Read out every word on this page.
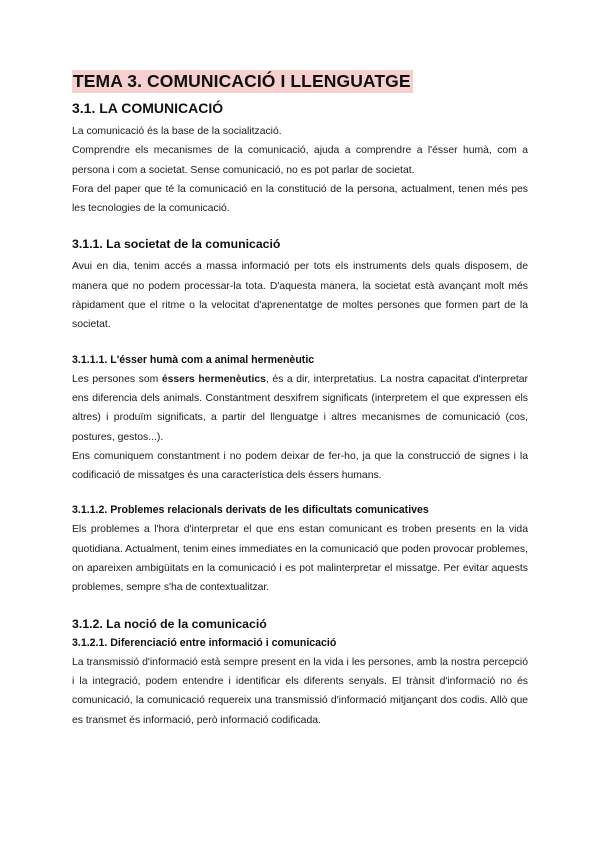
TEMA 3. COMUNICACIÓ I LLENGUATGE
3.1. LA COMUNICACIÓ

La comunicació és la base de la socialització.

Comprendre els mecanismes de la comunicació, ajuda a comprendre a l'ésser humà, com a persona i com a societat. Sense comunicació, no es pot parlar de societat.

Fora del paper que té la comunicació en la constitució de la persona, actualment, tenen més pes les tecnologies de la comunicació.

3.1.1. La societat de la comunicació

Avui en dia, tenim accés a massa informació per tots els instruments dels quals disposem, de manera que no podem processar-la tota. D'aquesta manera, la societat està avançant molt més ràpidament que el ritme o la velocitat d'aprenentatge de moltes persones que formen part de la societat.

3.1.1.1. L'ésser humà com a animal hermenèutic

Les persones som éssers hermenèutics, és a dir, interpretatius. La nostra capacitat d'interpretar ens diferencia dels animals. Constantment desxifrem significats (interpretem el que expressen els altres) i produïm significats, a partir del llenguatge i altres mecanismes de comunicació (cos, postures, gestos...).

Ens comuniquem constantment i no podem deixar de fer-ho, ja que la construcció de signes i la codificació de missatges és una característica dels éssers humans.

3.1.1.2. Problemes relacionals derivats de les dificultats comunicatives

Els problemes a l'hora d'interpretar el que ens estan comunicant es troben presents en la vida quotidiana. Actualment, tenim eines immediates en la comunicació que poden provocar problemes, on apareixen ambigüitats en la comunicació i es pot malinterpretar el missatge. Per evitar aquests problemes, sempre s'ha de contextualitzar.

3.1.2. La noció de la comunicació
3.1.2.1. Diferenciació entre informació i comunicació

La transmissió d'informació està sempre present en la vida i les persones, amb la nostra percepció i la integració, podem entendre i identificar els diferents senyals. El trànsit d'informació no és comunicació, la comunicació requereix una transmissió d'informació mitjançant dos codis. Allò que es transmet és informació, però informació codificada.
